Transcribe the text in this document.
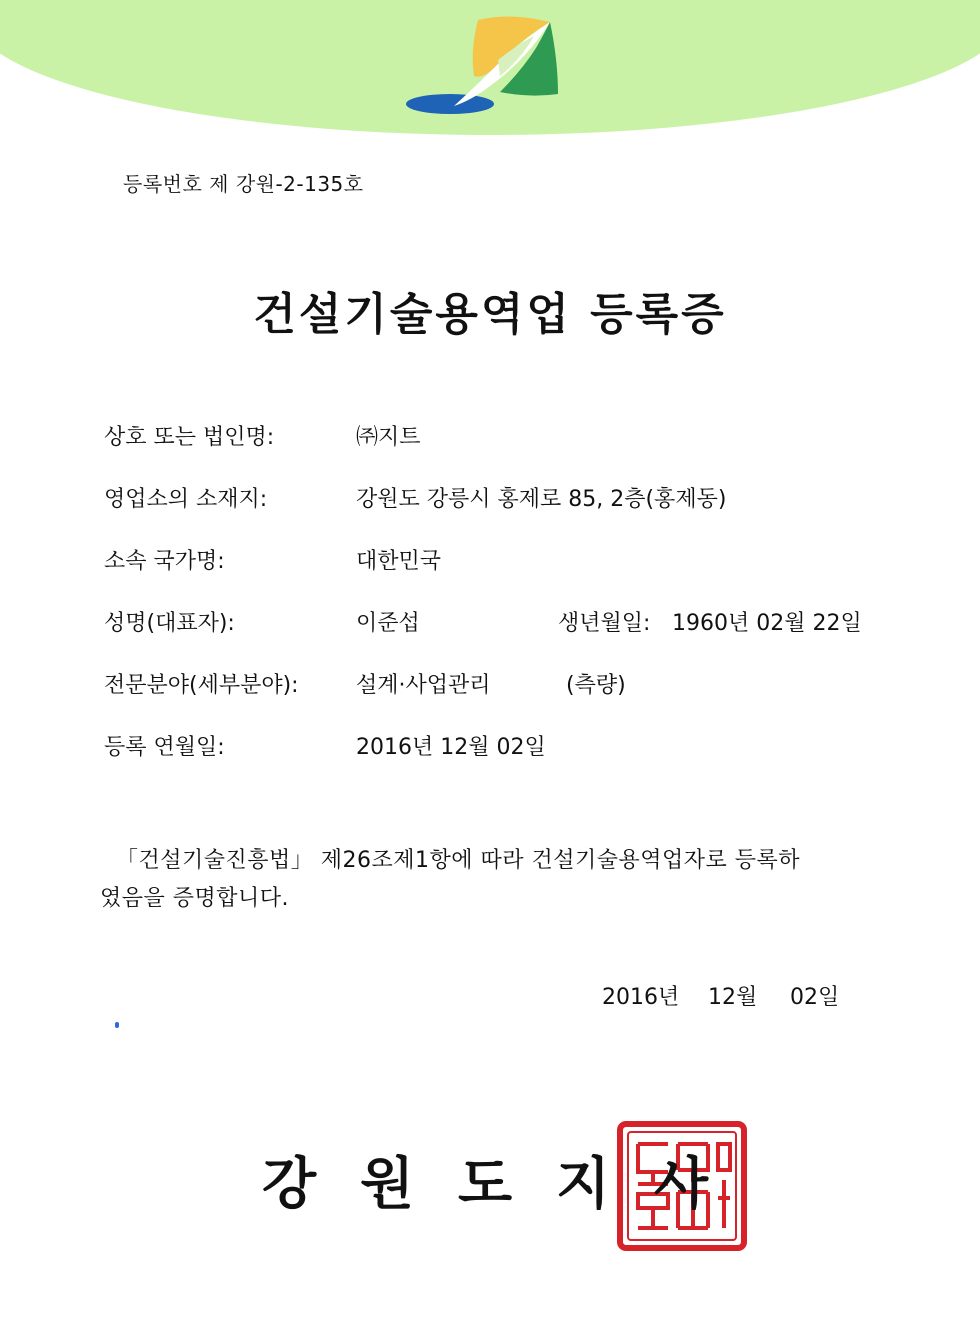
등록번호 제 강원-2-135호
건설기술용역업 등록증
상호 또는 법인명:	㈜지트
영업소의 소재지:	강원도 강릉시 홍제로 85, 2층(홍제동)
소속 국가명:	대한민국
성명(대표자):	이준섭	생년월일: 1960년 02월 22일
전문분야(세부분야):	설계·사업관리	(측량)
등록 연월일:	2016년 12월 02일
「건설기술진흥법」 제26조제1항에 따라 건설기술용역업자로 등록하
였음을 증명합니다.
2016년 12월 02일
강 원 도 지 사
